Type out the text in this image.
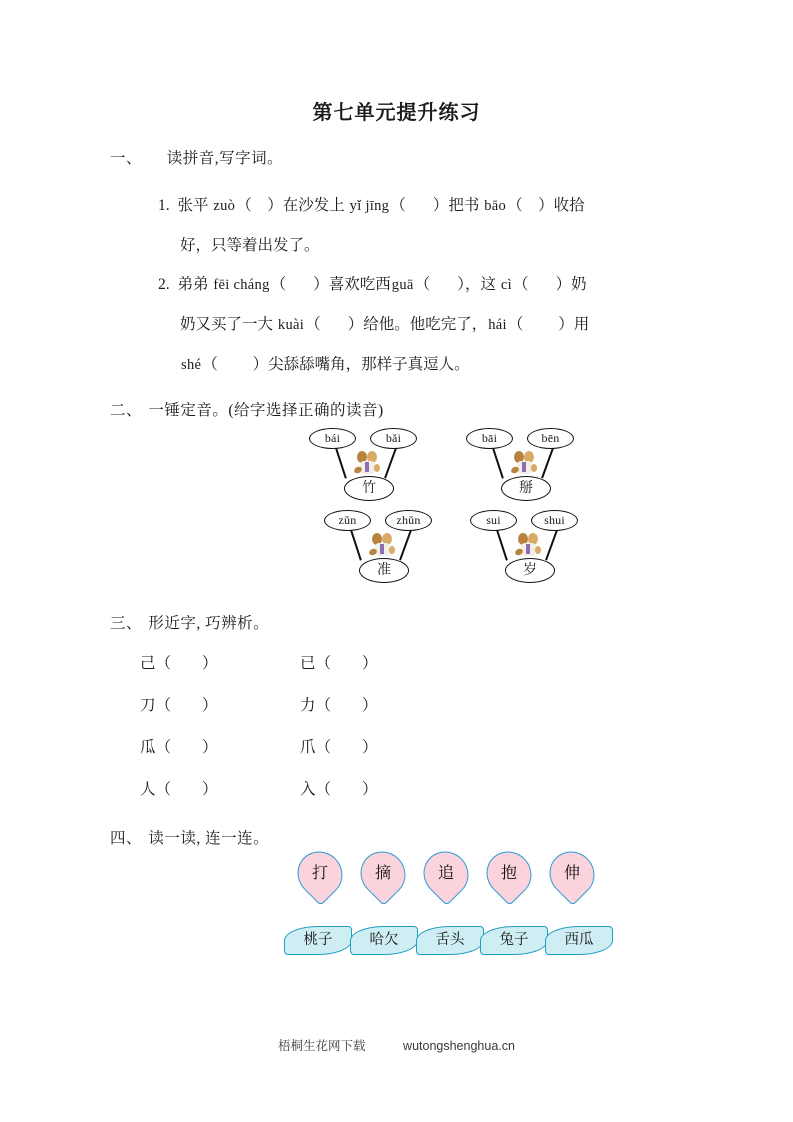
第七单元提升练习
一、 读拼音,写字词。
1. 张平 zuò （    ）	在沙发上 yǐ jīng （       ）	把书 bāo （    ）	收拾
好，只等着出发了。
2. 弟弟 fēi cháng （       ）	喜欢吃西guā （       ）	，这 cì （       ）	奶
奶又买了一大 kuài （       ）	给他。他吃完了，hái （         ）	用
shé （         ）	尖舔舔嘴角，那样子真逗人。
二、 一锤定音。(给字选择正确的读音)
bái	bǎi
竹
bāi	bēn
掰
zǔn	zhǔn
准
sui	shui
岁
三、 形近字, 巧辨析。
己 （        ）	已（        ）
刀 （        ）	力（        ）
瓜 （        ）	爪（        ）
人 （        ）	入（        ）
四、 读一读, 连一连。
打	摘	追	抱	伸
桃子	哈欠	舌头	兔子	西瓜
梧桐生花网下载	wutongshenghua.cn
